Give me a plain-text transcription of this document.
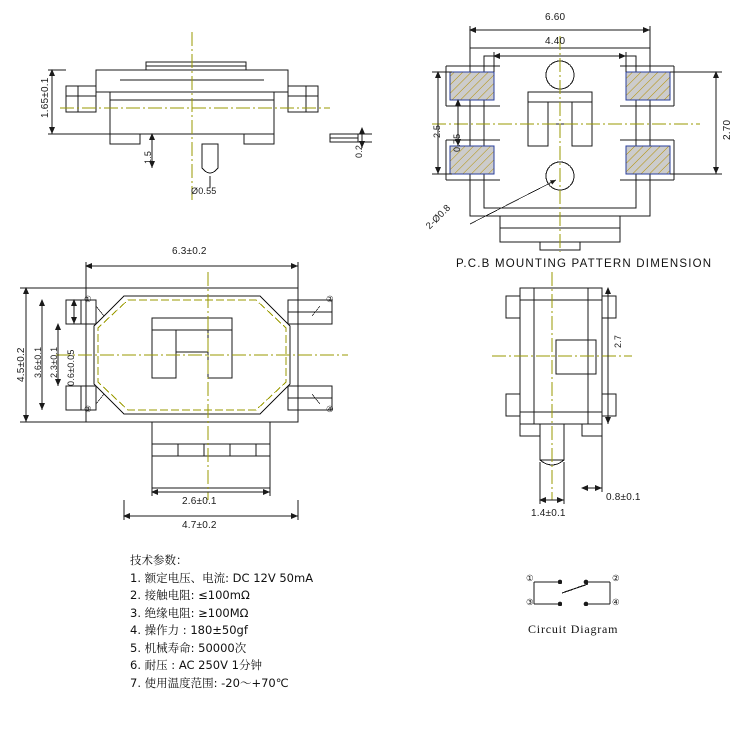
1.65±0.1
1.5	0.2
Ø0.55
6.60
4.40
2.5
0.75
2.70
2-Ø0.8
6.3±0.2
4.5±0.2 3.6±0.1 2.3±0.1 0.6±0.05
2.6±0.1
4.7±0.2
2.7
1.4±0.1
0.8±0.1
①	②
③	④
①	②
③	④
P.C.B MOUNTING PATTERN DIMENSION
Circuit Diagram
技术参数：
1. 额定电压、电流: DC 12V 50mA
2. 接触电阻: ≤100mΩ
3. 绝缘电阻: ≥100MΩ
4. 操作力 : 180±50gf
5. 机械寿命: 50000次
6. 耐压 : AC 250V 1分钟
7. 使用温度范围: -20～+70℃
